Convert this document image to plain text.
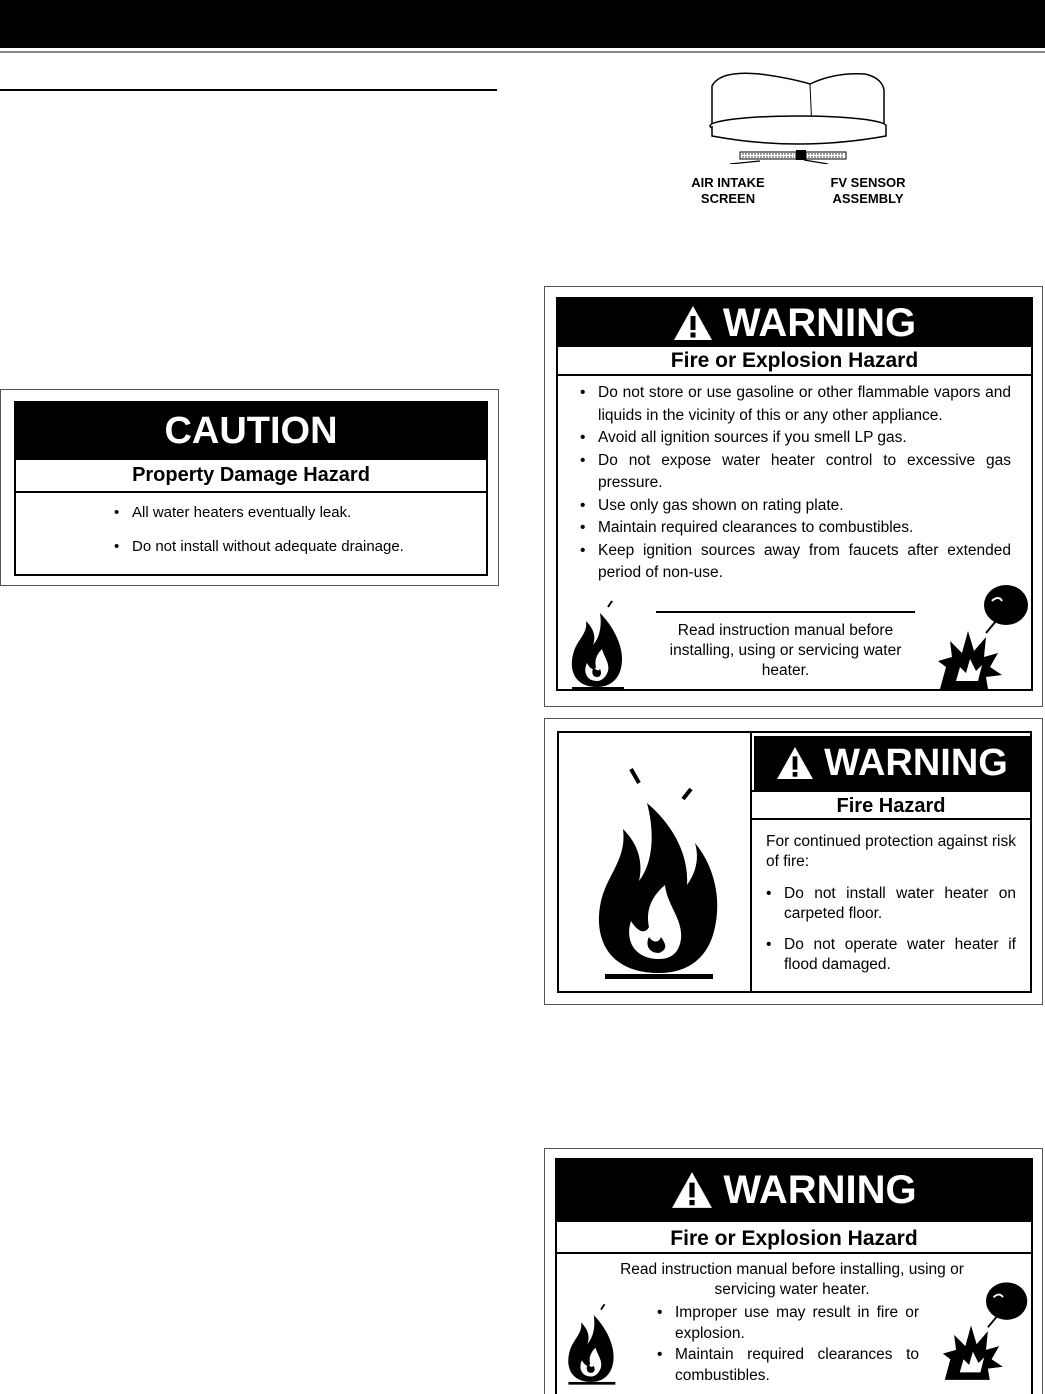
AIR INTAKE
SCREEN
FV SENSOR
ASSEMBLY
CAUTION
Property Damage Hazard
• All water heaters eventually leak.
• Do not install without adequate drainage.
WARNING
Fire or Explosion Hazard
• Do not store or use gasoline or other flammable vapors and liquids in the vicinity of this or any other appliance.
• Avoid all ignition sources if you smell LP gas.
• Do not expose water heater control to excessive gas pressure.
• Use only gas shown on rating plate.
• Maintain required clearances to combustibles.
• Keep ignition sources away from faucets after extended period of non-use.
Read instruction manual before installing, using or servicing water heater.
WARNING
Fire Hazard
For continued protection against risk of fire:
• Do not install water heater on carpeted floor.
• Do not operate water heater if flood damaged.
WARNING
Fire or Explosion Hazard
Read instruction manual before installing, using or servicing water heater.
• Improper use may result in fire or explosion.
• Maintain required clearances to combustibles.
